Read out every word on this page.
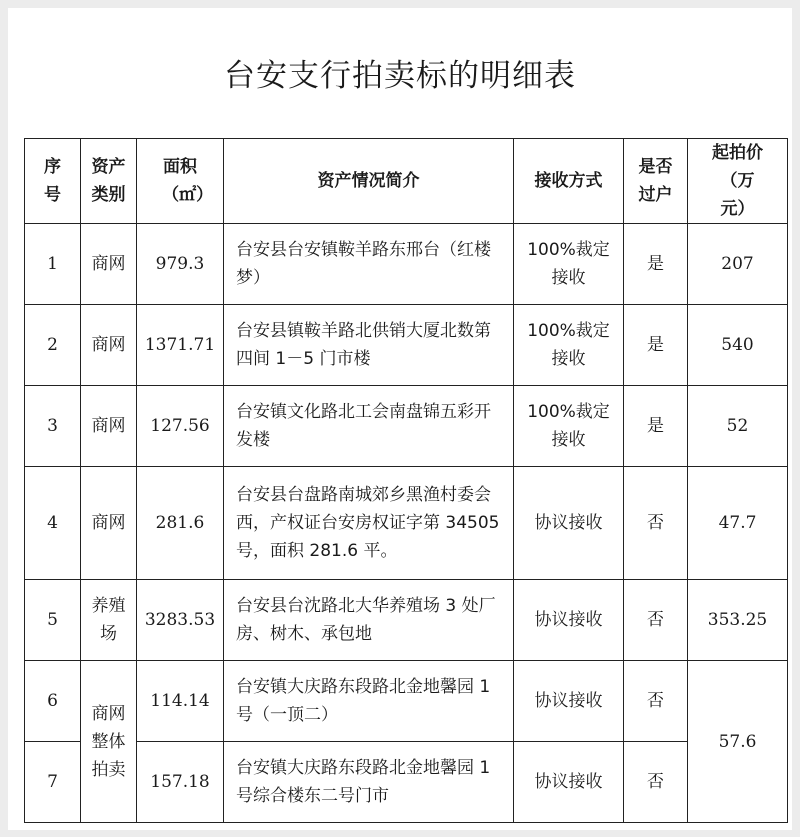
台安支行拍卖标的明细表
序号	资产类别	面积（㎡）	资产情况简介	接收方式	是否过户	起拍价（万元）
1	商网	979.3	台安县台安镇鞍羊路东邢台（红楼梦）	100%裁定接收	是	207
2	商网	1371.71	台安县镇鞍羊路北供销大厦北数第四间 1－5 门市楼	100%裁定接收	是	540
3	商网	127.56	台安镇文化路北工会南盘锦五彩开发楼	100%裁定接收	是	52
4	商网	281.6	台安县台盘路南城郊乡黑渔村委会西，产权证台安房权证字第 34505 号，面积 281.6 平。	协议接收	否	47.7
5	养殖场	3283.53	台安县台沈路北大华养殖场 3 处厂房、树木、承包地	协议接收	否	353.25
6	商网整体拍卖	114.14	台安镇大庆路东段路北金地馨园 1 号（一顶二）	协议接收	否	57.6
7		157.18	台安镇大庆路东段路北金地馨园 1 号综合楼东二号门市	协议接收	否	
